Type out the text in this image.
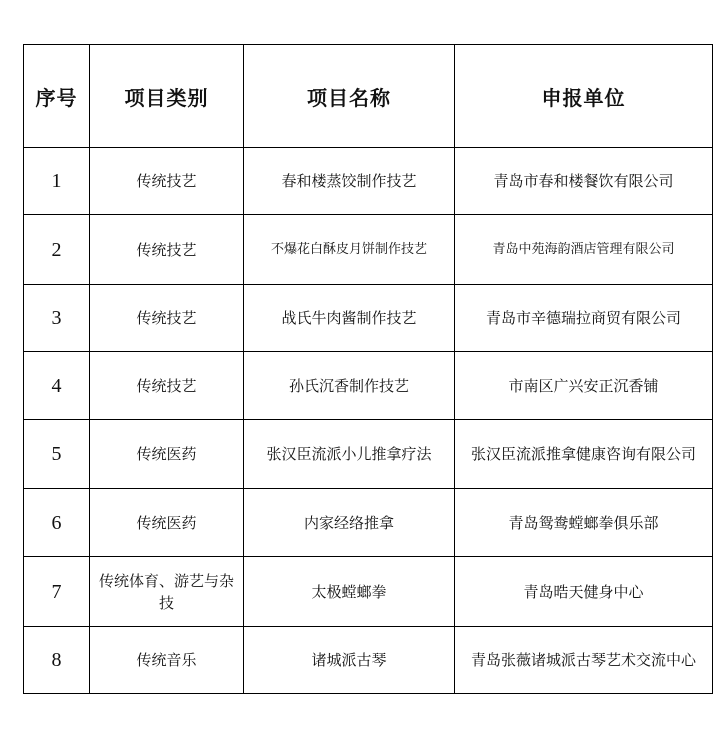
序号	项目类别	项目名称	申报单位
1	传统技艺	春和楼蒸饺制作技艺	青岛市春和楼餐饮有限公司
2	传统技艺	不爆花白酥皮月饼制作技艺	青岛中苑海韵酒店管理有限公司
3	传统技艺	战氏牛肉酱制作技艺	青岛市辛德瑞拉商贸有限公司
4	传统技艺	孙氏沉香制作技艺	市南区广兴安正沉香铺
5	传统医药	张汉臣流派小儿推拿疗法	张汉臣流派推拿健康咨询有限公司
6	传统医药	内家经络推拿	青岛鸳鸯螳螂拳俱乐部
7	传统体育、游艺与杂技	太极螳螂拳	青岛晧天健身中心
8	传统音乐	诸城派古琴	青岛张薇诸城派古琴艺术交流中心
